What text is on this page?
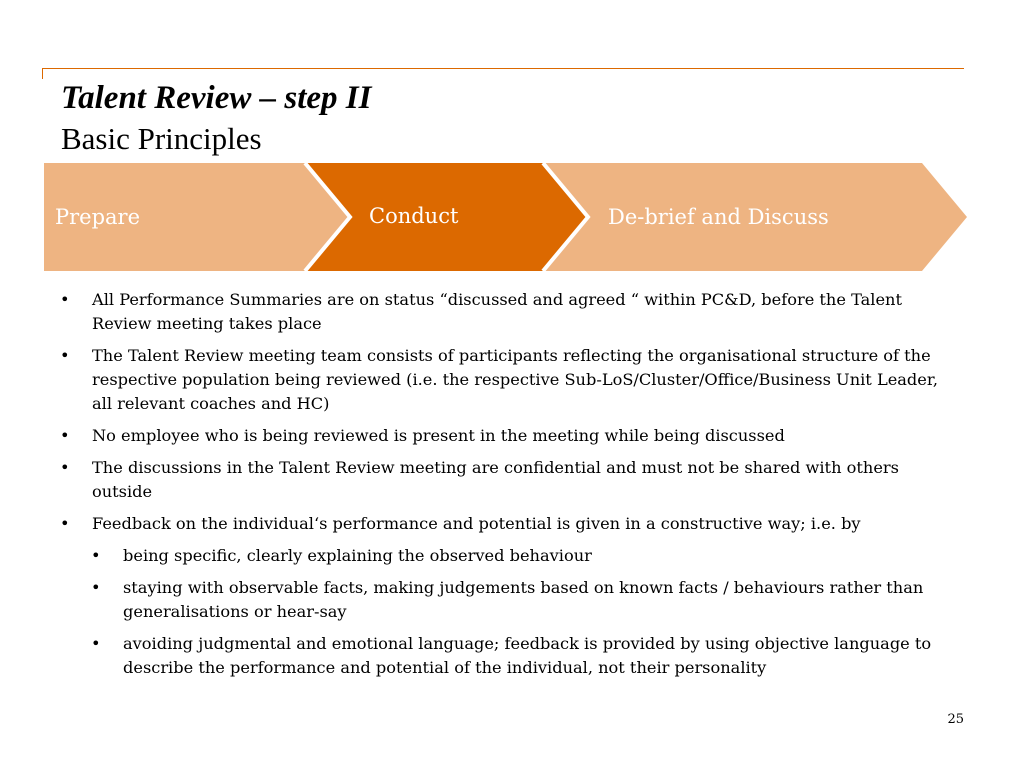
Talent Review – step II
Basic Principles
Prepare	Conduct	De-brief and Discuss
• All Performance Summaries are on status “discussed and agreed “ within PC&D, before the Talent Review meeting takes place
• The Talent Review meeting team consists of participants reflecting the organisational structure of the respective population being reviewed (i.e. the respective Sub-LoS/Cluster/Office/Business Unit Leader, all relevant coaches and HC)
• No employee who is being reviewed is present in the meeting while being discussed
• The discussions in the Talent Review meeting are confidential and must not be shared with others outside
• Feedback on the individual‘s performance and potential is given in a constructive way; i.e. by
• being specific, clearly explaining the observed behaviour
• staying with observable facts, making judgements based on known facts / behaviours rather than generalisations or hear-say
• avoiding judgmental and emotional language; feedback is provided by using objective language to describe the performance and potential of the individual, not their personality
25
